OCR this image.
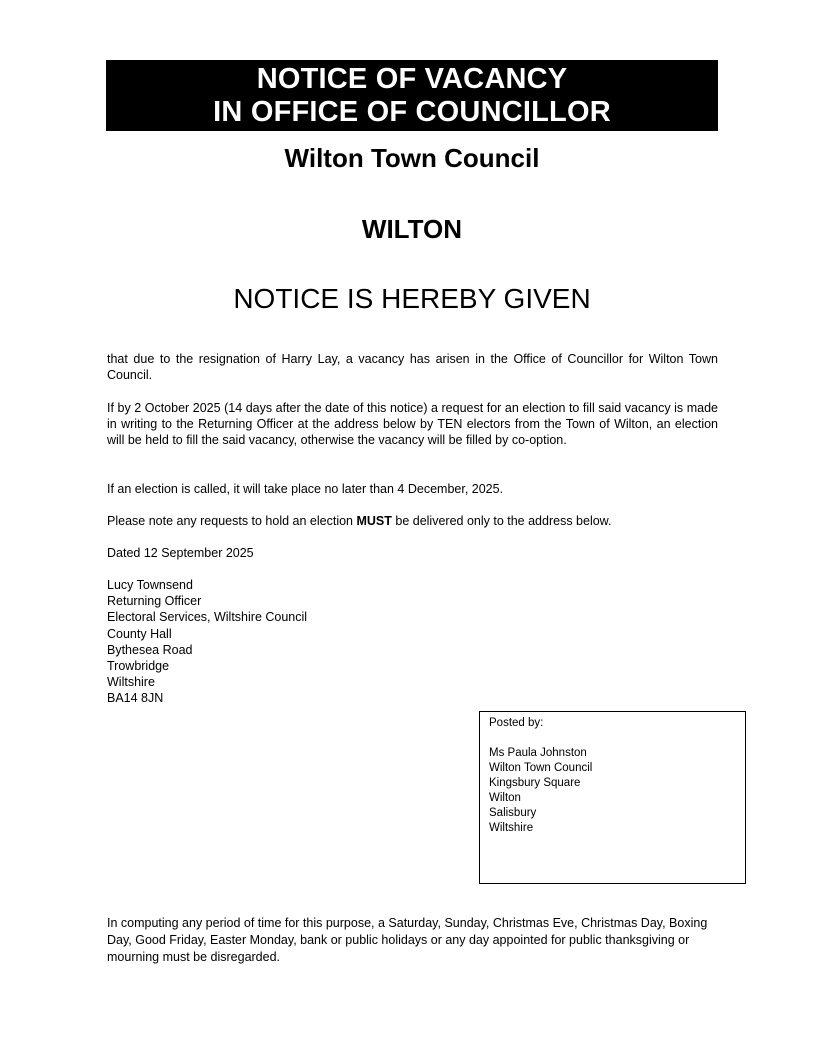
NOTICE OF VACANCY
IN OFFICE OF COUNCILLOR
Wilton Town Council
WILTON
NOTICE IS HEREBY GIVEN

that due to the resignation of Harry Lay, a vacancy has arisen in the Office of Councillor for Wilton Town Council.

If by 2 October 2025 (14 days after the date of this notice) a request for an election to fill said vacancy is made in writing to the Returning Officer at the address below by TEN electors from the Town of Wilton, an election will be held to fill the said vacancy, otherwise the vacancy will be filled by co-option.

If an election is called, it will take place no later than 4 December, 2025.

Please note any requests to hold an election MUST be delivered only to the address below.

Dated 12 September 2025

Lucy Townsend
Returning Officer
Electoral Services, Wiltshire Council
County Hall
Bythesea Road
Trowbridge
Wiltshire
BA14 8JN
Posted by:
Ms Paula Johnston
Wilton Town Council
Kingsbury Square
Wilton
Salisbury
Wiltshire

In computing any period of time for this purpose, a Saturday, Sunday, Christmas Eve, Christmas Day, Boxing Day, Good Friday, Easter Monday, bank or public holidays or any day appointed for public thanksgiving or mourning must be disregarded.
